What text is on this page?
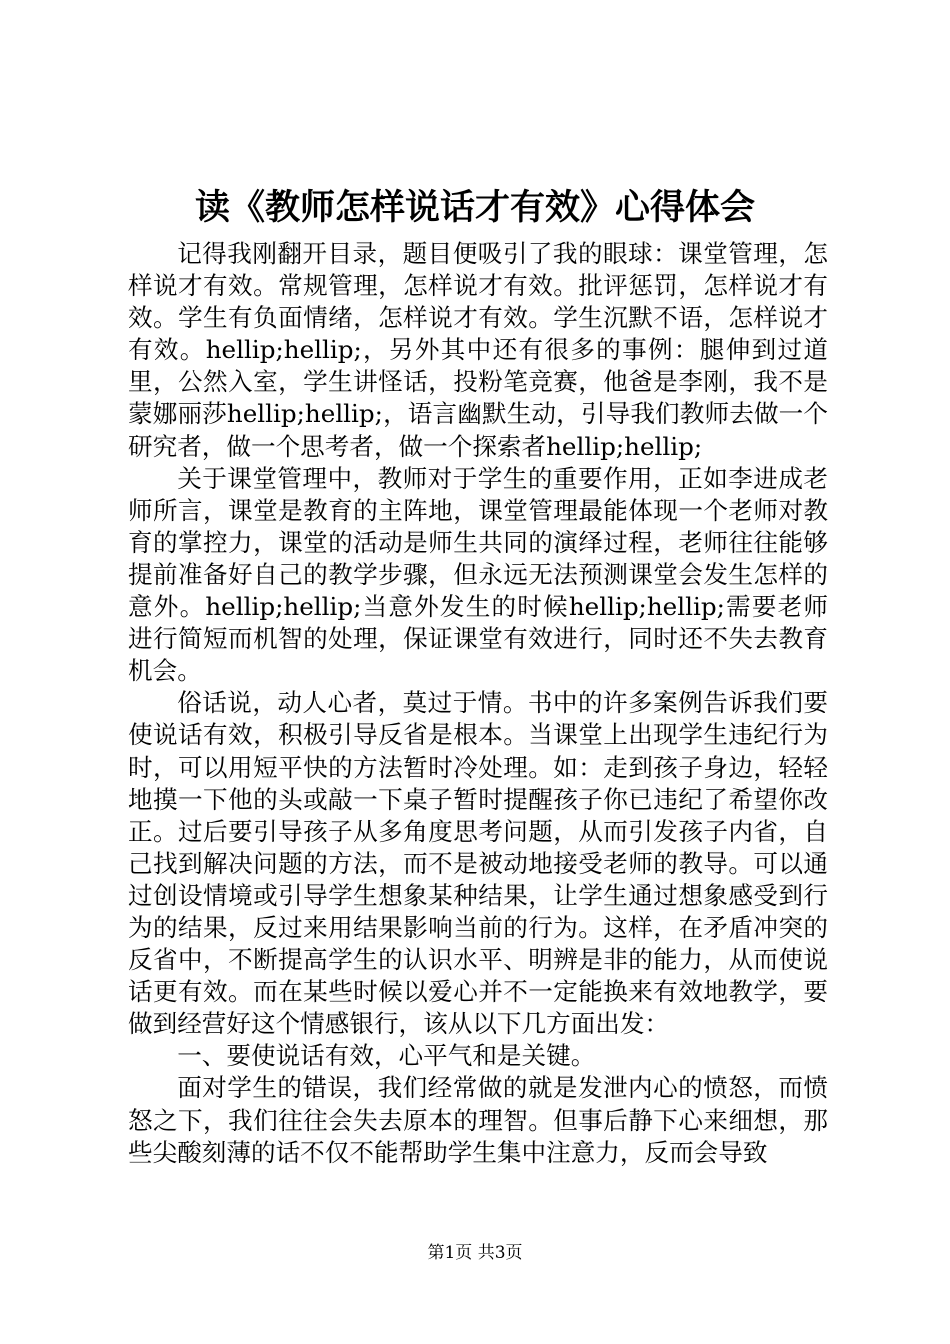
读《教师怎样说话才有效》心得体会

记得我刚翻开目录，题目便吸引了我的眼球：课堂管理，怎样说才有效。常规管理，怎样说才有效。批评惩罚，怎样说才有效。学生有负面情绪，怎样说才有效。学生沉默不语，怎样说才有效。hellip;hellip;，另外其中还有很多的事例：腿伸到过道里，公然入室，学生讲怪话，投粉笔竞赛，他爸是李刚，我不是蒙娜丽莎hellip;hellip;，语言幽默生动，引导我们教师去做一个研究者，做一个思考者，做一个探索者hellip;hellip;

关于课堂管理中，教师对于学生的重要作用，正如李进成老师所言，课堂是教育的主阵地，课堂管理最能体现一个老师对教育的掌控力，课堂的活动是师生共同的演绎过程，老师往往能够提前准备好自己的教学步骤，但永远无法预测课堂会发生怎样的意外。hellip;hellip;当意外发生的时候hellip;hellip;需要老师进行简短而机智的处理，保证课堂有效进行，同时还不失去教育机会。

俗话说，动人心者，莫过于情。书中的许多案例告诉我们要使说话有效，积极引导反省是根本。当课堂上出现学生违纪行为时，可以用短平快的方法暂时冷处理。如：走到孩子身边，轻轻地摸一下他的头或敲一下桌子暂时提醒孩子你已违纪了希望你改正。过后要引导孩子从多角度思考问题，从而引发孩子内省，自己找到解决问题的方法，而不是被动地接受老师的教导。可以通过创设情境或引导学生想象某种结果，让学生通过想象感受到行为的结果，反过来用结果影响当前的行为。这样，在矛盾冲突的反省中，不断提高学生的认识水平、明辨是非的能力，从而使说话更有效。而在某些时候以爱心并不一定能换来有效地教学，要做到经营好这个情感银行，该从以下几方面出发：

一、要使说话有效，心平气和是关键。

面对学生的错误，我们经常做的就是发泄内心的愤怒，而愤怒之下，我们往往会失去原本的理智。但事后静下心来细想，那些尖酸刻薄的话不仅不能帮助学生集中注意力，反而会导致

第1页 共3页
